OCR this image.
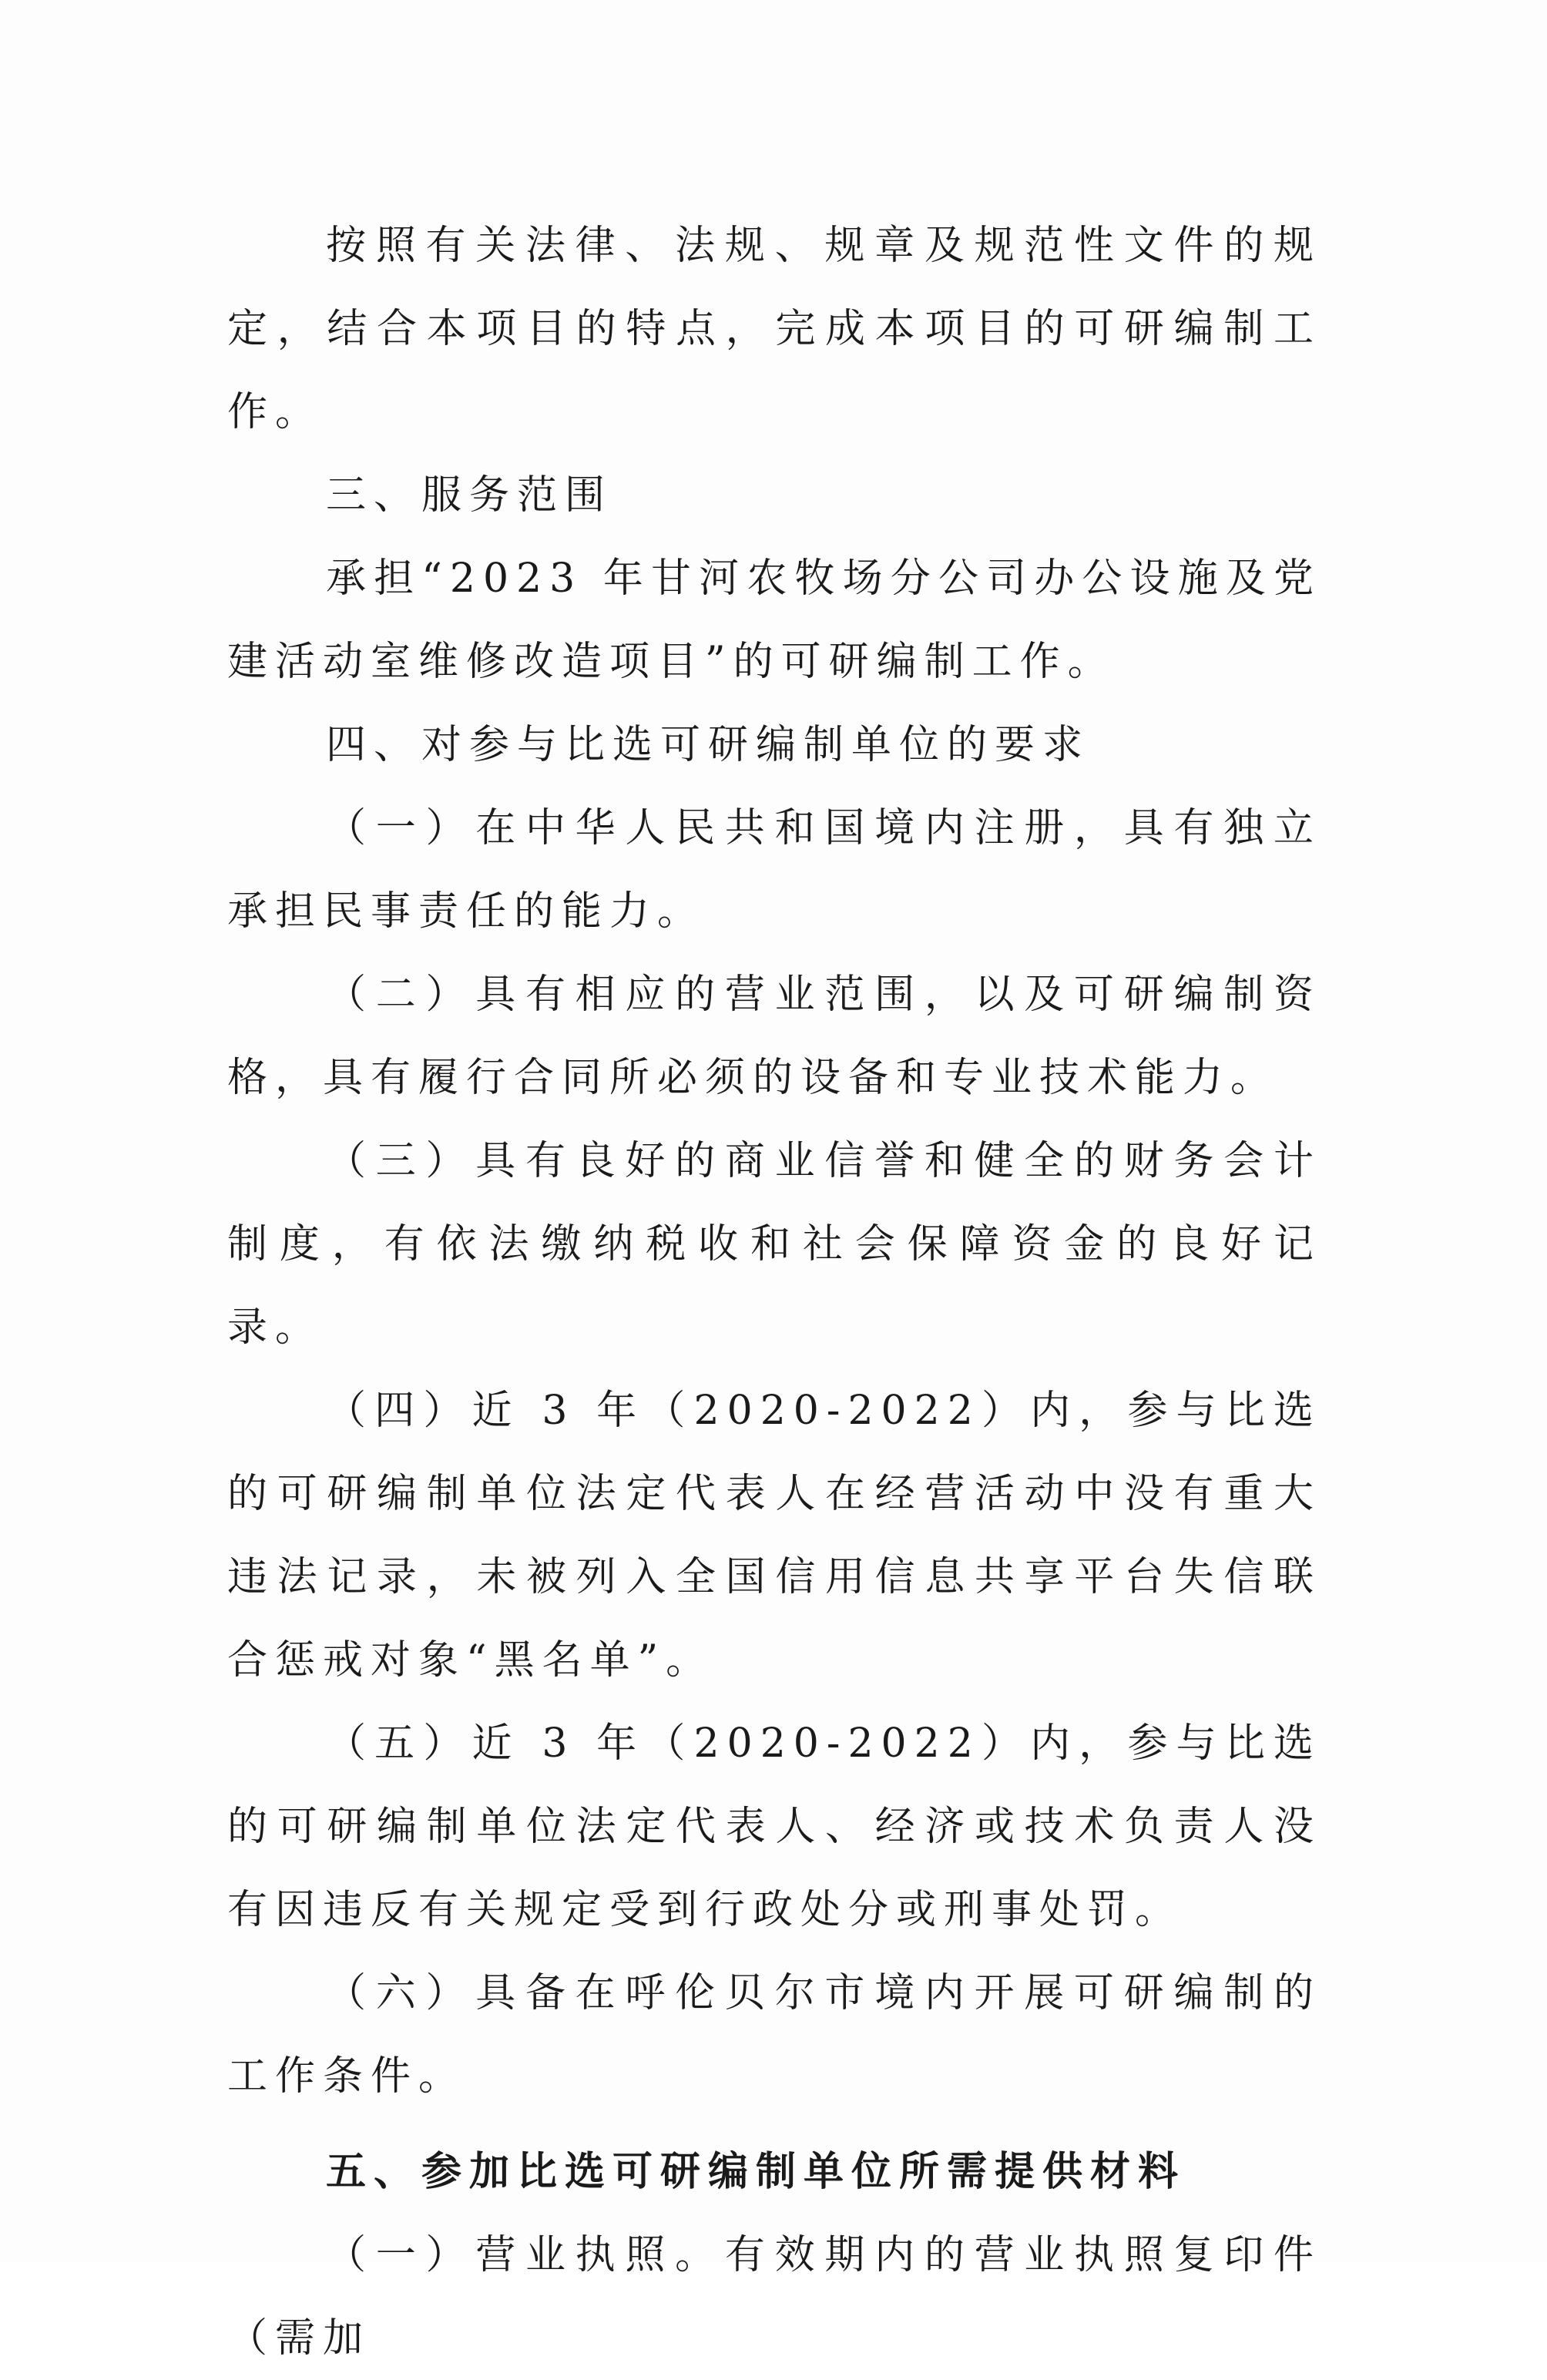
按照有关法律、法规、规章及规范性文件的规定，结合本项目的特点，完成本项目的可研编制工作。

三、服务范围

承担“2023 年甘河农牧场分公司办公设施及党建活动室维修改造项目”的可研编制工作。

四、对参与比选可研编制单位的要求

（一）在中华人民共和国境内注册，具有独立承担民事责任的能力。

（二）具有相应的营业范围，以及可研编制资格，具有履行合同所必须的设备和专业技术能力。

（三）具有良好的商业信誉和健全的财务会计制度，有依法缴纳税收和社会保障资金的良好记录。

（四）近 3 年（2020-2022）内，参与比选的可研编制单位法定代表人在经营活动中没有重大违法记录，未被列入全国信用信息共享平台失信联合惩戒对象“黑名单”。

（五）近 3 年（2020-2022）内，参与比选的可研编制单位法定代表人、经济或技术负责人没有因违反有关规定受到行政处分或刑事处罚。

（六）具备在呼伦贝尔市境内开展可研编制的工作条件。

五、参加比选可研编制单位所需提供材料

（一）营业执照。有效期内的营业执照复印件（需加
